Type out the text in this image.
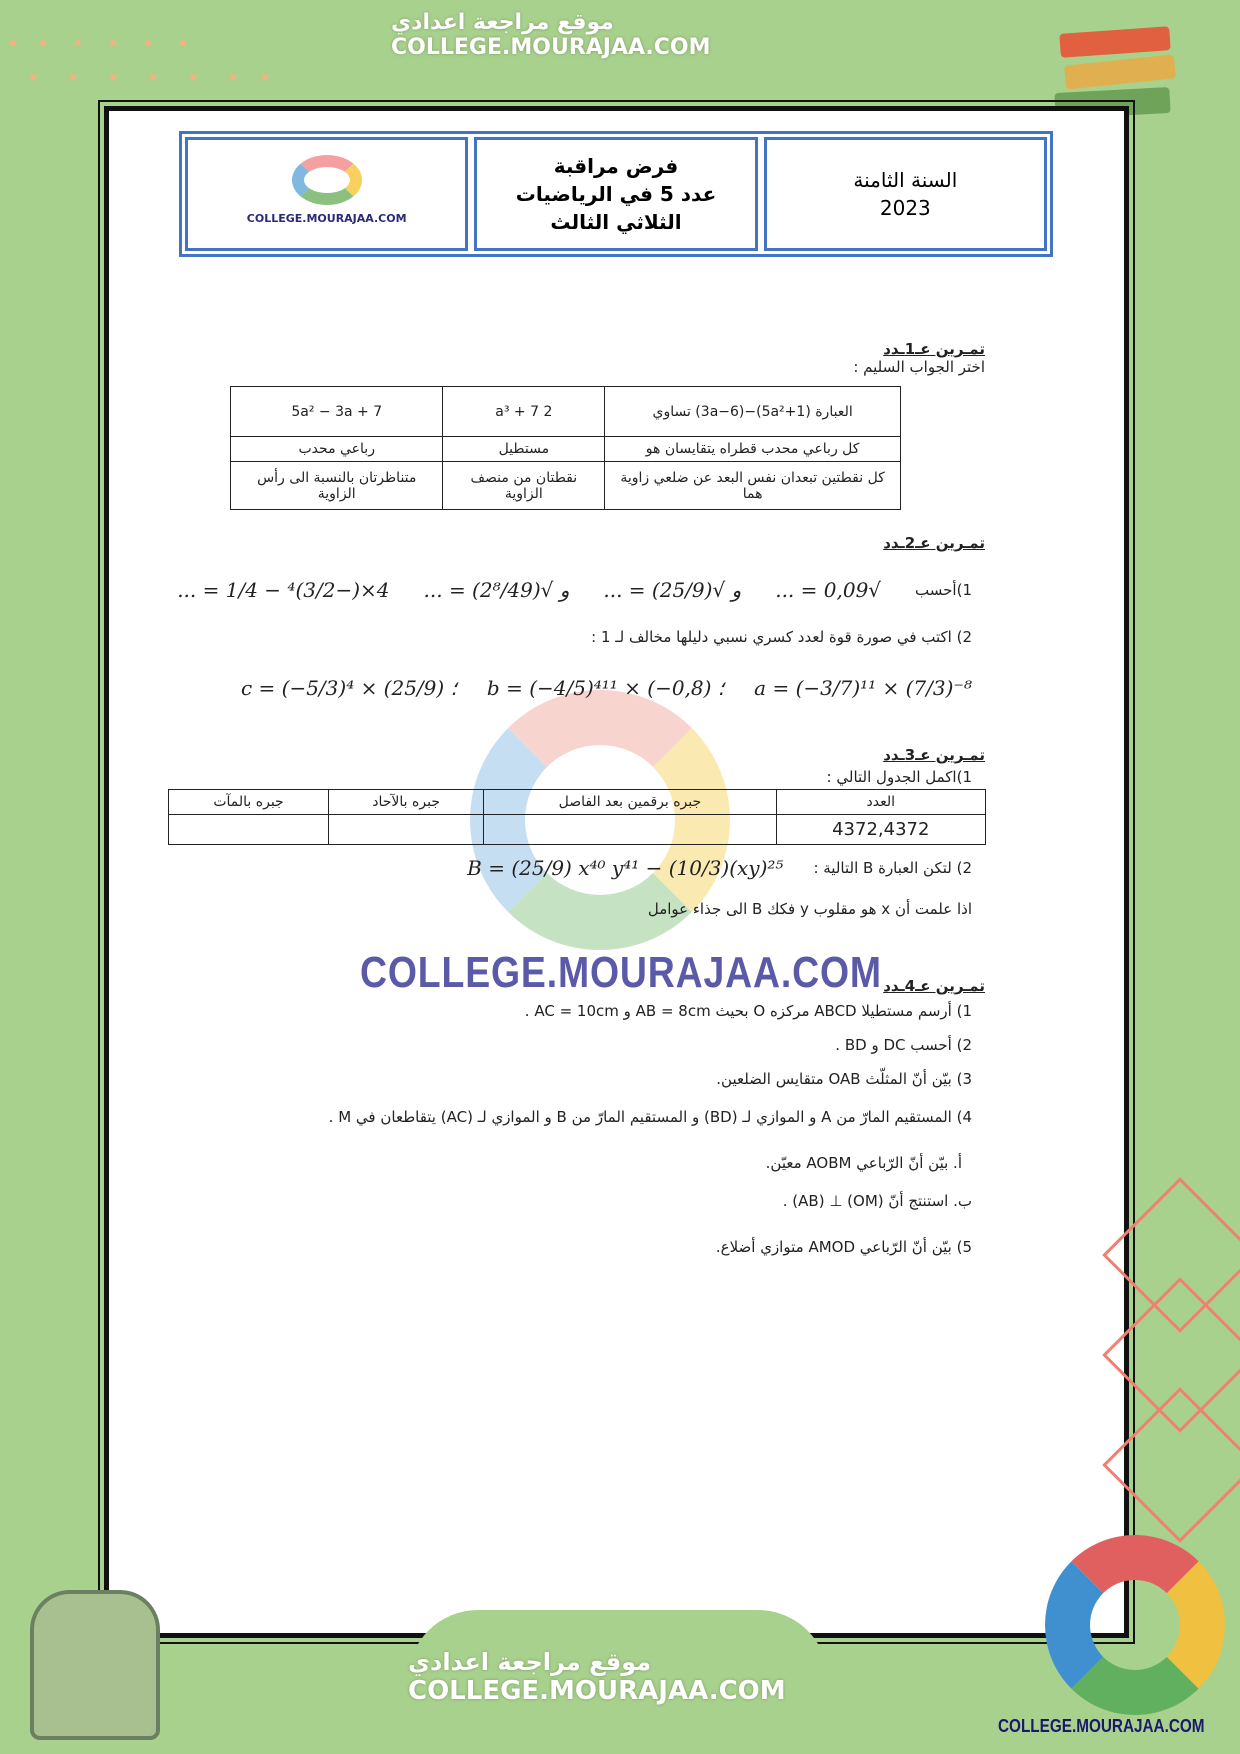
موقع مراجعة اعدادي
COLLEGE.MOURAJAA.COM
COLLEGE.MOURAJAA.COM
فرض مراقبة
عدد 5 في الرياضيات
الثلاثي الثالث
السنة الثامنة
2023
تمـرين عـ1ـدد
اختر الجواب السليم :
العبارة (5a²+1)−(3a−6) تساوي	2 a³ + 7	5a² − 3a + 7
كل رباعي محدب قطراه يتقايسان هو	مستطيل	رباعي محدب
كل نقطتين تبعدان نفس البعد عن ضلعي زاوية هما	نقطتان من منصف الزاوية	متناظرتان بالنسبة الى رأس الزاوية
تمـرين عـ2ـدد
1)أحسب
√0,09 = ...
و √(25/9) = ...
و √(2⁸/49) = ...
4×(−3/2)⁴ − 1/4 = ...
2) اكتب في صورة قوة لعدد كسري نسبي دليلها مخالف لـ 1 :
a = (−3/7)¹¹ × (7/3)⁻⁸
؛ b = (−4/5)⁴¹¹ × (−0,8)
؛ c = (−5/3)⁴ × (25/9)
تمـرين عـ3ـدد
1)اكمل الجدول التالي :
العدد	جبره برقمين بعد الفاصل	جبره بالآحاد	جبره بالمآت
4372,4372			
2) لتكن العبارة B التالية :
B = (25/9) x⁴⁰ y⁴¹ − (10/3)(xy)²⁵
اذا علمت أن x هو مقلوب y فكك B الى جذاء عوامل
COLLEGE.MOURAJAA.COM تمـرين عـ4ـدد
1) أرسم مستطيلا ABCD مركزه O بحيث AB = 8cm و AC = 10cm .
2) أحسب DC و BD .
3) بيّن أنّ المثلّث OAB متقايس الضلعين.
4) المستقيم المارّ من A و الموازي لـ (BD) و المستقيم المارّ من B و الموازي لـ (AC) يتقاطعان في M .
أ. بيّن أنّ الرّباعي AOBM معيّن.
ب. استنتج أنّ (OM) ⊥ (AB) .
5) بيّن أنّ الرّباعي AMOD متوازي أضلاع.
موقع مراجعة اعدادي
COLLEGE.MOURAJAA.COM
COLLEGE.MOURAJAA.COM
